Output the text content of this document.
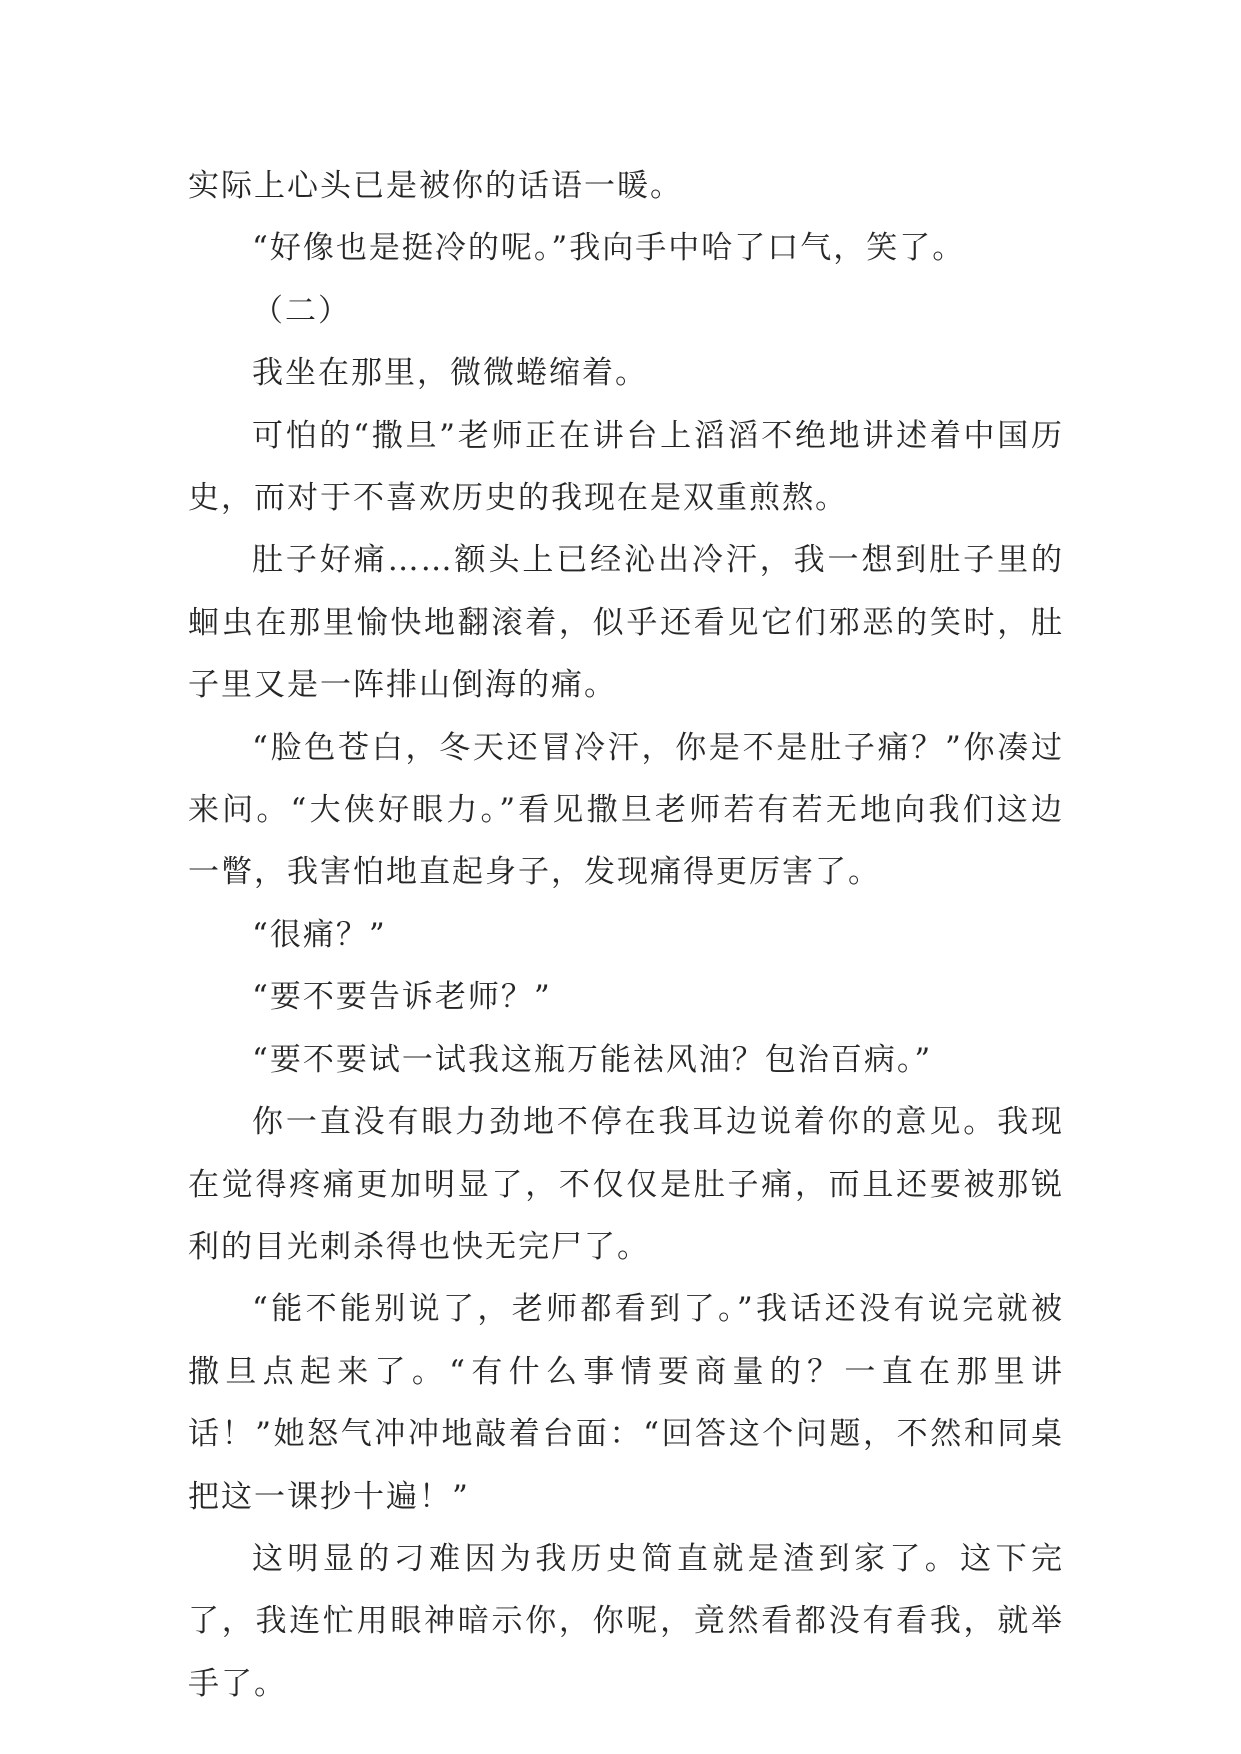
实际上心头已是被你的话语一暖。

“好像也是挺冷的呢。”我向手中哈了口气，笑了。

（二）

我坐在那里，微微蜷缩着。

可怕的“撒旦”老师正在讲台上滔滔不绝地讲述着中国历史，而对于不喜欢历史的我现在是双重煎熬。

肚子好痛……额头上已经沁出冷汗，我一想到肚子里的蛔虫在那里愉快地翻滚着，似乎还看见它们邪恶的笑时，肚子里又是一阵排山倒海的痛。

“脸色苍白，冬天还冒冷汗，你是不是肚子痛？”你凑过来问。“大侠好眼力。”看见撒旦老师若有若无地向我们这边一瞥，我害怕地直起身子，发现痛得更厉害了。

“很痛？”

“要不要告诉老师？”

“要不要试一试我这瓶万能祛风油？包治百病。”

你一直没有眼力劲地不停在我耳边说着你的意见。我现在觉得疼痛更加明显了，不仅仅是肚子痛，而且还要被那锐利的目光刺杀得也快无完尸了。

“能不能别说了，老师都看到了。”我话还没有说完就被撒旦点起来了。“有什么事情要商量的？一直在那里讲话！”她怒气冲冲地敲着台面：“回答这个问题，不然和同桌把这一课抄十遍！”

这明显的刁难因为我历史简直就是渣到家了。这下完了，我连忙用眼神暗示你，你呢，竟然看都没有看我，就举手了。
